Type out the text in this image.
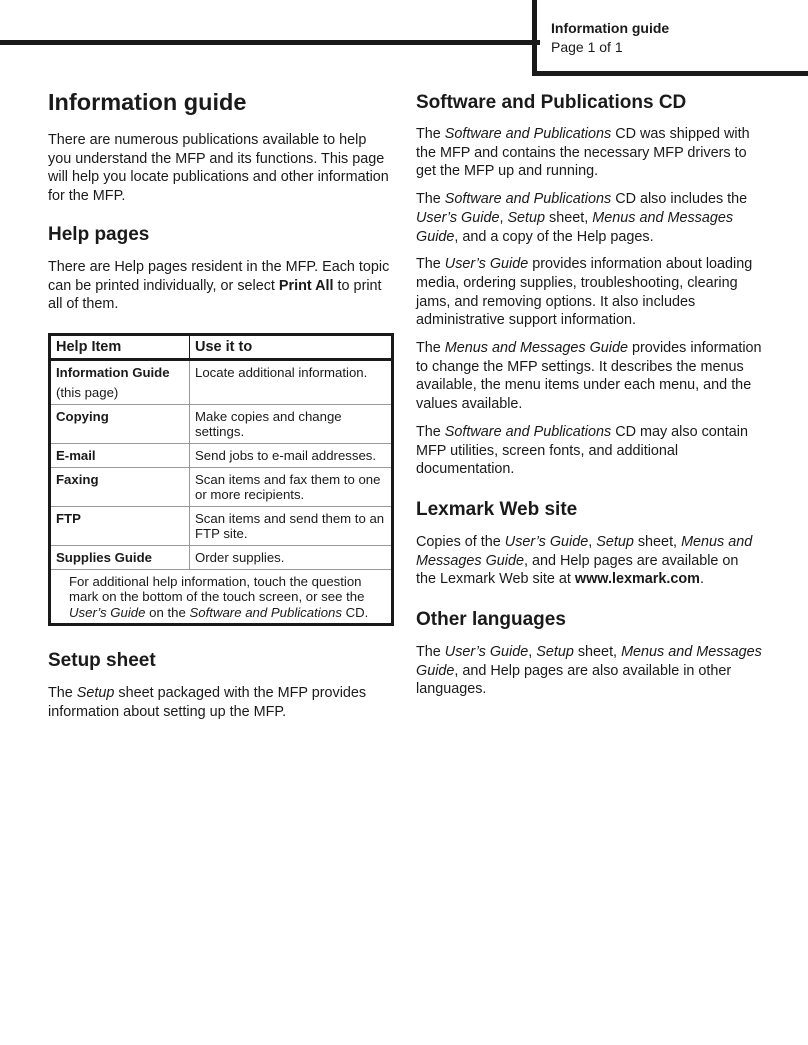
Information guide
Page 1 of 1
Information guide

There are numerous publications available to help you understand the MFP and its functions. This page will help you locate publications and other information for the MFP.

Help pages

There are Help pages resident in the MFP. Each topic can be printed individually, or select Print All to print all of them.

Help Item	Use it to
Information Guide
(this page)	Locate additional information.
Copying	Make copies and change settings.
E-mail	Send jobs to e-mail addresses.
Faxing	Scan items and fax them to one or more recipients.
FTP	Scan items and send them to an FTP site.
Supplies Guide	Order supplies.
For additional help information, touch the question mark on the bottom of the touch screen, or see the User’s Guide on the Software and Publications CD.	
Setup sheet

The Setup sheet packaged with the MFP provides information about setting up the MFP.

Software and Publications CD

The Software and Publications CD was shipped with the MFP and contains the necessary MFP drivers to get the MFP up and running.

The Software and Publications CD also includes the User’s Guide, Setup sheet, Menus and Messages Guide, and a copy of the Help pages.

The User’s Guide provides information about loading media, ordering supplies, troubleshooting, clearing jams, and removing options. It also includes administrative support information.

The Menus and Messages Guide provides information to change the MFP settings. It describes the menus available, the menu items under each menu, and the values available.

The Software and Publications CD may also contain MFP utilities, screen fonts, and additional documentation.

Lexmark Web site

Copies of the User’s Guide, Setup sheet, Menus and Messages Guide, and Help pages are available on the Lexmark Web site at www.lexmark.com.

Other languages

The User’s Guide, Setup sheet, Menus and Messages Guide, and Help pages are also available in other languages.
